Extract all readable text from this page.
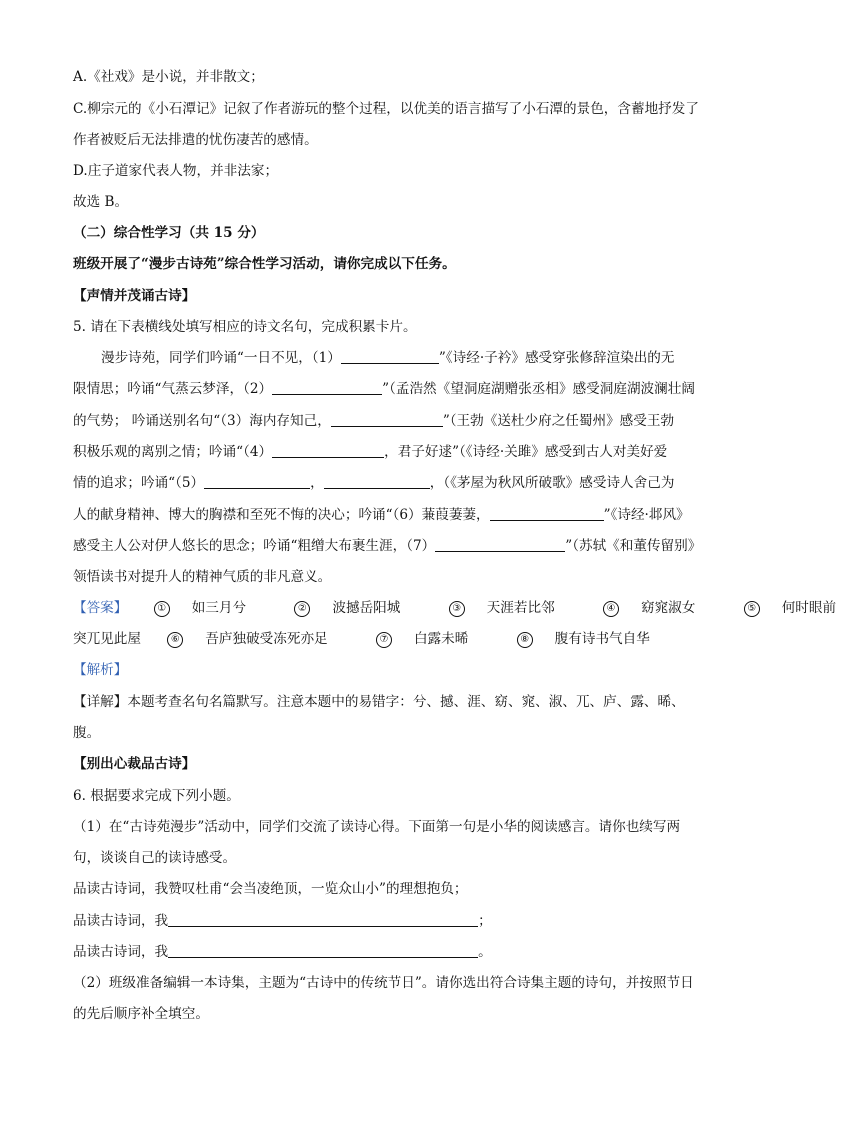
A.《社戏》是小说，并非散文；
C.柳宗元的《小石潭记》记叙了作者游玩的整个过程，以优美的语言描写了小石潭的景色，含蓄地抒发了
作者被贬后无法排遣的忧伤凄苦的感情。
D.庄子道家代表人物，并非法家；
故选 B。
（二）综合性学习（共 15 分）
班级开展了“漫步古诗苑”综合性学习活动，请你完成以下任务。
【声情并茂诵古诗】
5. 请在下表横线处填写相应的诗文名句，完成积累卡片。
漫步诗苑，同学们吟诵“一日不见，（1）	”《诗经·子衿》感受穿张修辞渲染出的无
限情思；吟诵“气蒸云梦泽，（2）	”（孟浩然《望洞庭湖赠张丞相》感受洞庭湖波澜壮阔
的气势； 吟诵送别名句“（3）海内存知己，	”（王勃《送杜少府之任蜀州》感受王勃
积极乐观的离别之情；吟诵“（4）	，君子好逑”（《诗经·关雎》感受到古人对美好爱
情的追求；吟诵“（5）	，	，（《茅屋为秋风所破歌》感受诗人舍己为
人的献身精神、博大的胸襟和至死不悔的决心；吟诵“（6）蒹葭萋萋，	”《诗经·邶风》
感受主人公对伊人悠长的思念；吟诵“粗缯大布裹生涯，（7）	”（苏轼《和董传留别》
领悟读书对提升人的精神气质的非凡意义。
【答案】	① 如三月兮	② 波撼岳阳城	③ 天涯若比邻	④ 窈窕淑女	⑤ 何时眼前
突兀见此屋	⑥ 吾庐独破受冻死亦足	⑦ 白露未晞	⑧ 腹有诗书气自华
【解析】
【详解】本题考查名句名篇默写。注意本题中的易错字：兮、撼、涯、窈、窕、淑、兀、庐、露、晞、
腹。
【别出心裁品古诗】
6. 根据要求完成下列小题。
（1）在“古诗苑漫步”活动中，同学们交流了读诗心得。下面第一句是小华的阅读感言。请你也续写两
句，谈谈自己的读诗感受。
品读古诗词，我赞叹杜甫“会当凌绝顶，一览众山小”的理想抱负；
品读古诗词，我	；
品读古诗词，我	。
（2）班级准备编辑一本诗集，主题为“古诗中的传统节日”。请你选出符合诗集主题的诗句，并按照节日
的先后顺序补全填空。
